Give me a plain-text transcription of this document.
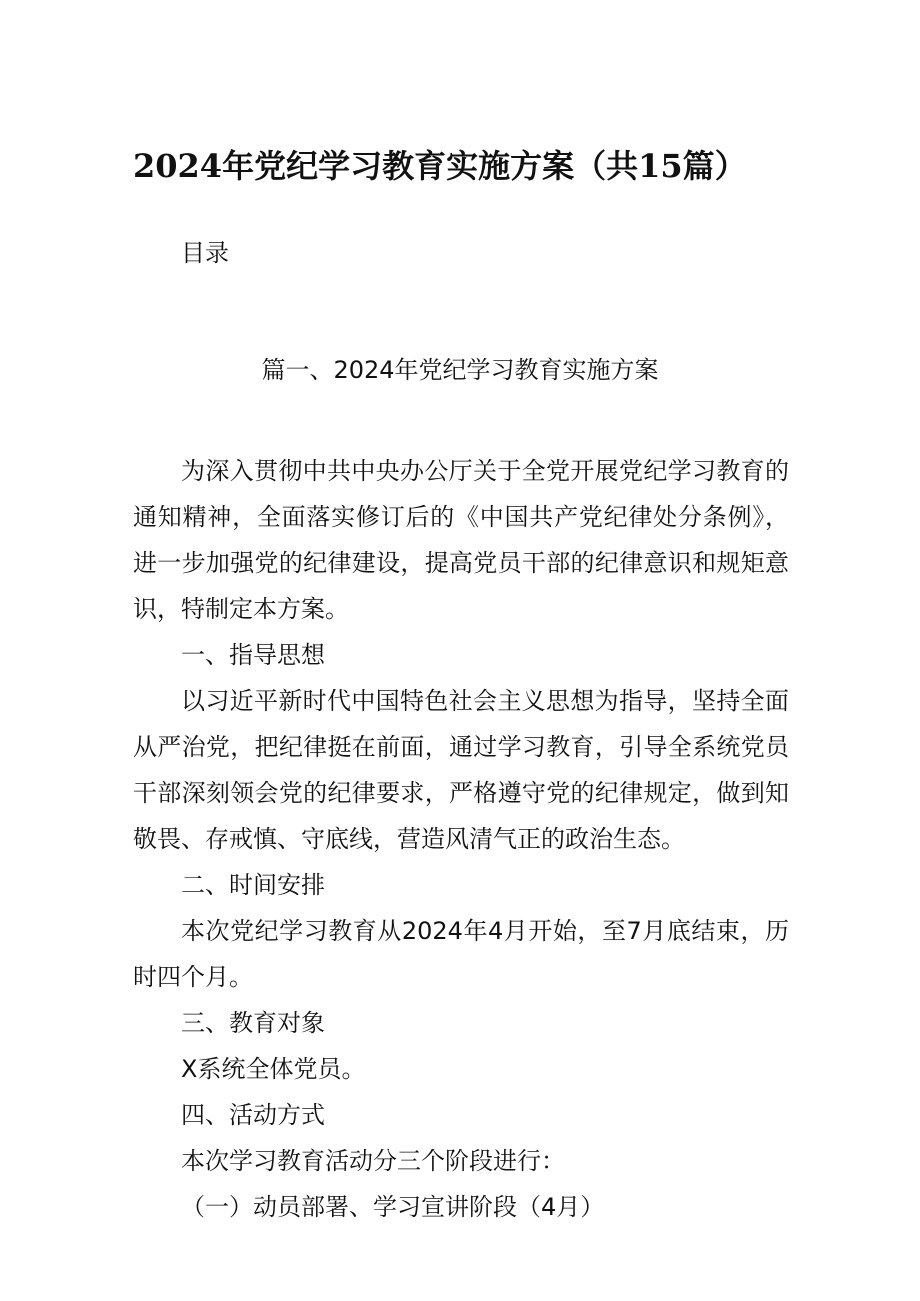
2024年党纪学习教育实施方案（共15篇）
目录
篇一、2024年党纪学习教育实施方案

为深入贯彻中共中央办公厅关于全党开展党纪学习教育的通知精神，全面落实修订后的《中国共产党纪律处分条例》，进一步加强党的纪律建设，提高党员干部的纪律意识和规矩意识，特制定本方案。

一、指导思想

以习近平新时代中国特色社会主义思想为指导，坚持全面从严治党，把纪律挺在前面，通过学习教育，引导全系统党员干部深刻领会党的纪律要求，严格遵守党的纪律规定，做到知敬畏、存戒慎、守底线，营造风清气正的政治生态。

二、时间安排

本次党纪学习教育从2024年4月开始，至7月底结束，历时四个月。

三、教育对象

X系统全体党员。

四、活动方式

本次学习教育活动分三个阶段进行：

（一）动员部署、学习宣讲阶段（4月）
